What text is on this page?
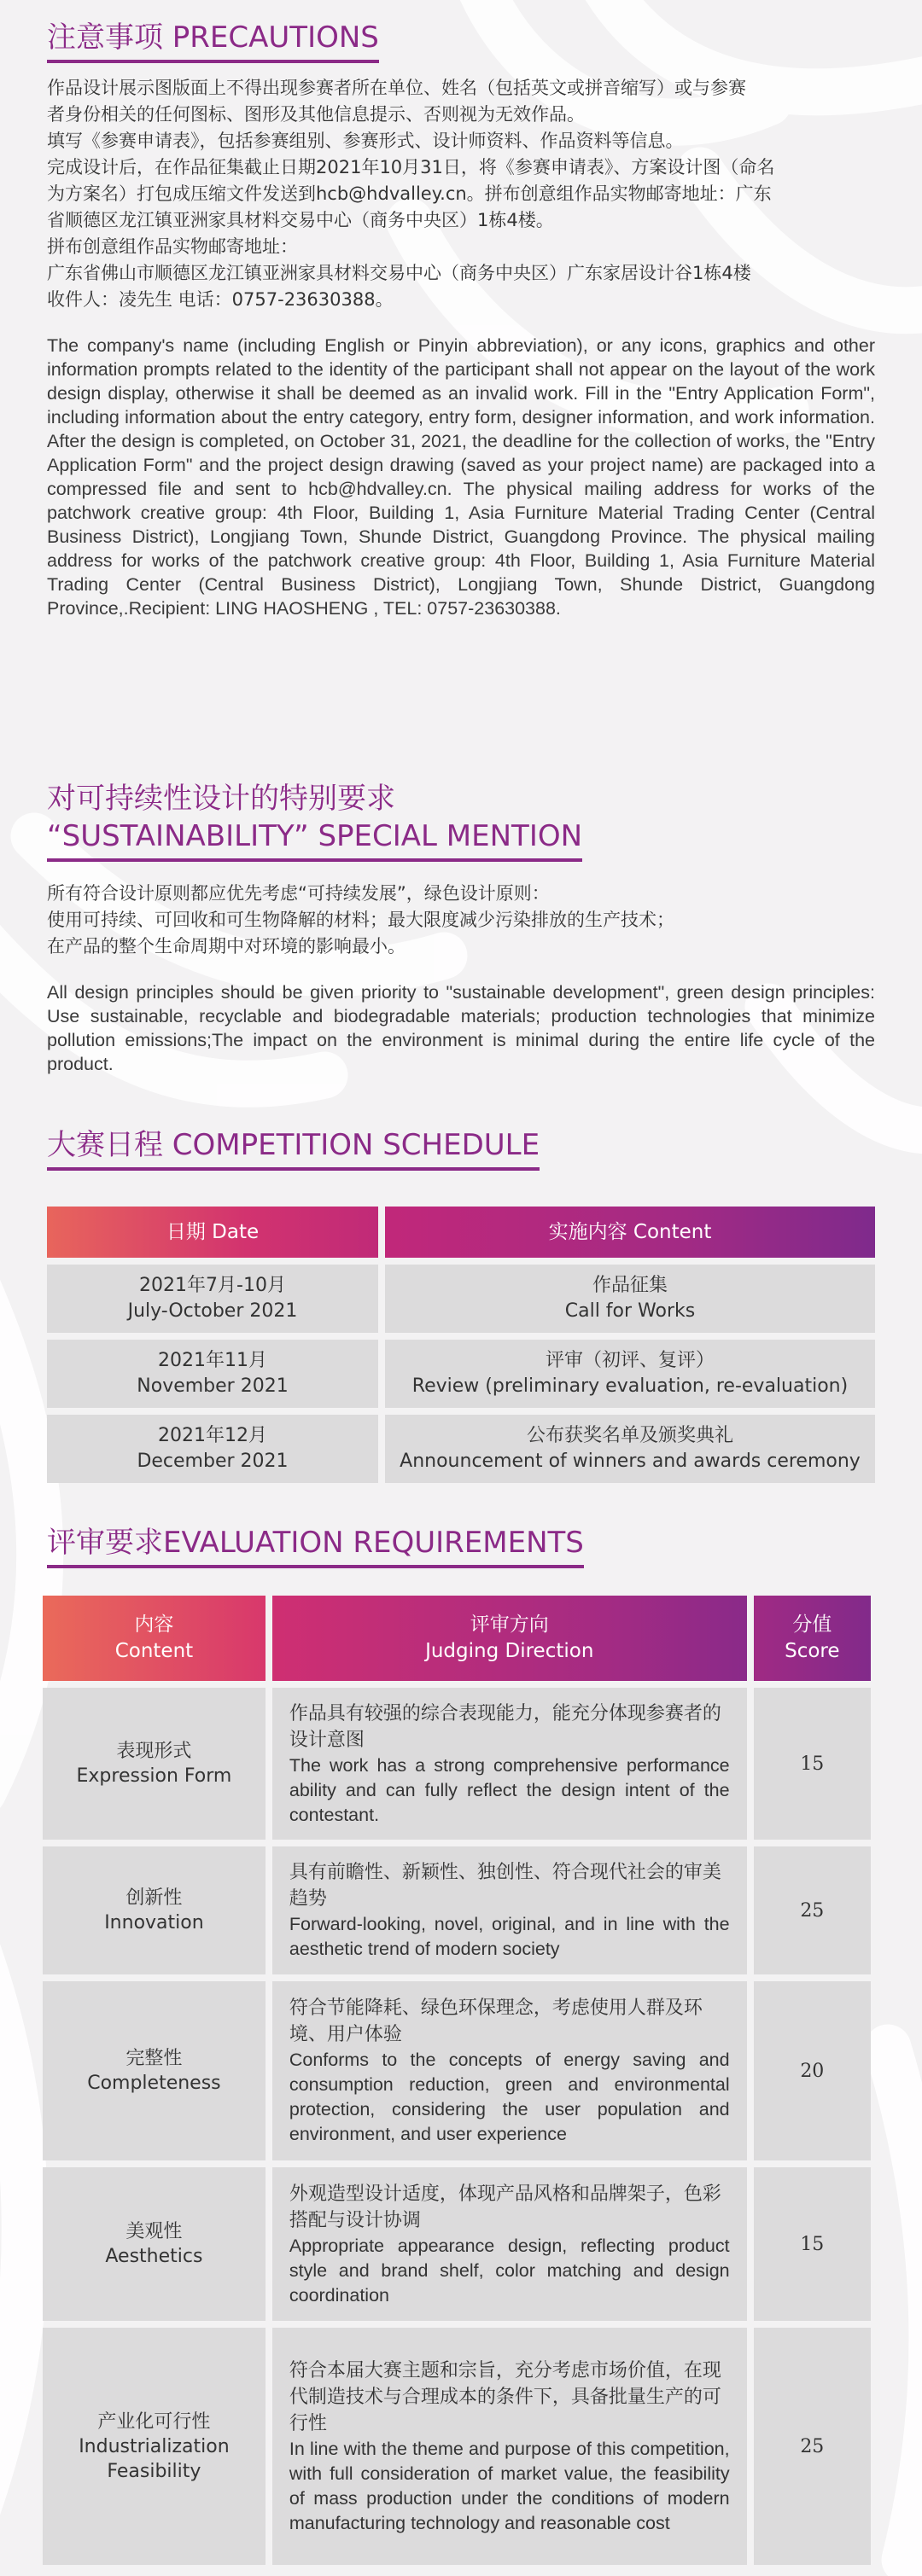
注意事项 PRECAUTIONS
作品设计展示图版面上不得出现参赛者所在单位、姓名（包括英文或拼音缩写）或与参赛
者身份相关的任何图标、图形及其他信息提示、否则视为无效作品。
填写《参赛申请表》，包括参赛组别、参赛形式、设计师资料、作品资料等信息。
完成设计后，在作品征集截止日期2021年10月31日，将《参赛申请表》、方案设计图（命名
为方案名）打包成压缩文件发送到hcb@hdvalley.cn。拼布创意组作品实物邮寄地址：广东
省顺德区龙江镇亚洲家具材料交易中心（商务中央区）1栋4楼。
拼布创意组作品实物邮寄地址：
广东省佛山市顺德区龙江镇亚洲家具材料交易中心（商务中央区）广东家居设计谷1栋4楼
收件人：凌先生 电话：0757-23630388。
The company's name (including English or Pinyin abbreviation), or any icons, graphics and other information prompts related to the identity of the participant shall not appear on the layout of the work design display, otherwise it shall be deemed as an invalid work. Fill in the "Entry Application Form", including information about the entry category, entry form, designer information, and work information. After the design is completed, on October 31, 2021, the deadline for the collection of works, the "Entry Application Form" and the project design drawing (saved as your project name) are packaged into a compressed file and sent to hcb@hdvalley.cn. The physical mailing address for works of the patchwork creative group: 4th Floor, Building 1, Asia Furniture Material Trading Center (Central Business District), Longjiang Town, Shunde District, Guangdong Province. The physical mailing address for works of the patchwork creative group: 4th Floor, Building 1, Asia Furniture Material Trading Center (Central Business District), Longjiang Town, Shunde District, Guangdong Province,.Recipient: LING HAOSHENG , TEL: 0757-23630388.
对可持续性设计的特别要求
“SUSTAINABILITY” SPECIAL MENTION
所有符合设计原则都应优先考虑“可持续发展”，绿色设计原则：
使用可持续、可回收和可生物降解的材料；最大限度减少污染排放的生产技术；
在产品的整个生命周期中对环境的影响最小。
All design principles should be given priority to "sustainable development", green design principles: Use sustainable, recyclable and biodegradable materials; production technologies that minimize pollution emissions;The impact on the environment is minimal during the entire life cycle of the product.
大赛日程 COMPETITION SCHEDULE
日期 Date	实施内容 Content
2021年7月-10月
July-October 2021
作品征集
Call for Works
2021年11月
November 2021
评审（初评、复评）
Review (preliminary evaluation, re-evaluation)
2021年12月
December 2021
公布获奖名单及颁奖典礼
Announcement of winners and awards ceremony
评审要求EVALUATION REQUIREMENTS
内容
Content
评审方向
Judging Direction
分值
Score
表现形式
Expression Form
作品具有较强的综合表现能力，能充分体现参赛者的设计意图
The work has a strong comprehensive performance ability and can fully reflect the design intent of the contestant.
15
创新性
Innovation
具有前瞻性、新颖性、独创性、符合现代社会的审美趋势
Forward-looking, novel, original, and in line with the aesthetic trend of modern society
25
完整性
Completeness
符合节能降耗、绿色环保理念，考虑使用人群及环境、用户体验
Conforms to the concepts of energy saving and consumption reduction, green and environmental protection, considering the user population and environment, and user experience
20
美观性
Aesthetics
外观造型设计适度，体现产品风格和品牌架子，色彩搭配与设计协调
Appropriate appearance design, reflecting product style and brand shelf, color matching and design coordination
15
产业化可行性
Industrialization Feasibility
符合本届大赛主题和宗旨，充分考虑市场价值，在现代制造技术与合理成本的条件下，具备批量生产的可行性
In line with the theme and purpose of this competition, with full consideration of market value, the feasibility of mass production under the conditions of modern manufacturing technology and reasonable cost
25
